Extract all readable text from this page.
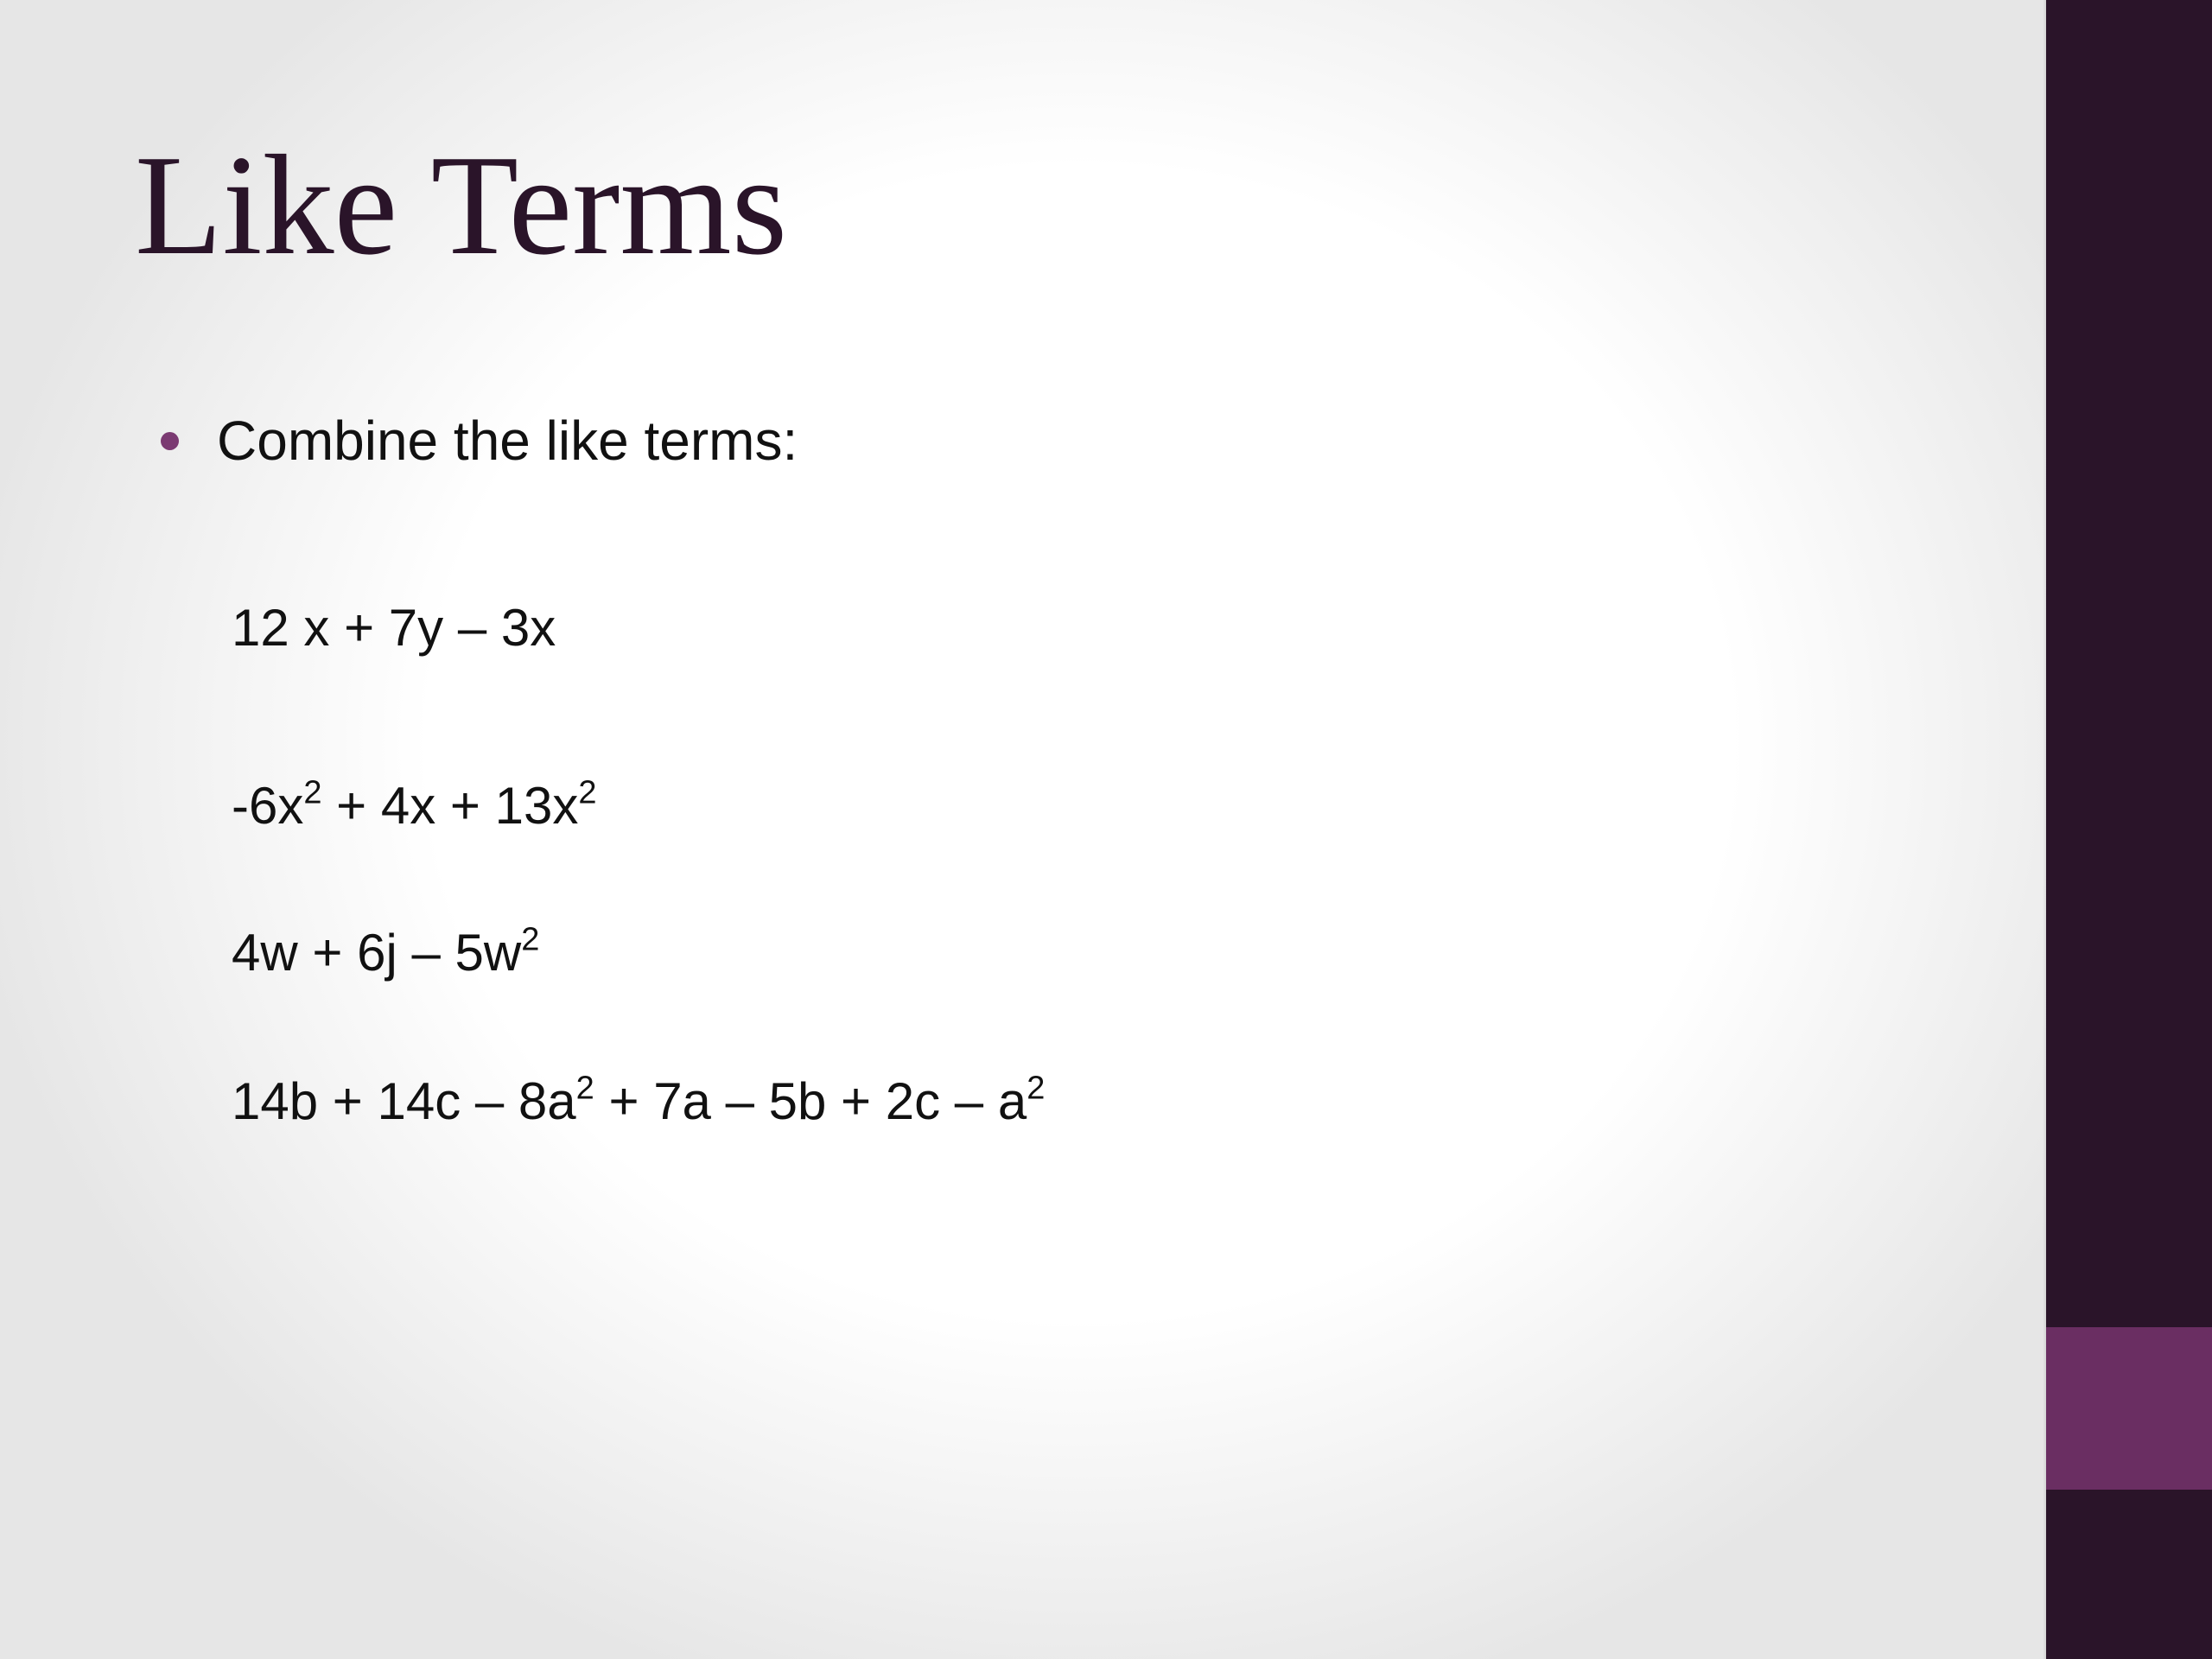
Like Terms
Combine the like terms:
12 x + 7y – 3x
$-6x^2 + 4x + 13x^2$
$4w + 6j - 5w^2$
$14b + 14c - 8a^2 + 7a - 5b + 2c - a^2$
